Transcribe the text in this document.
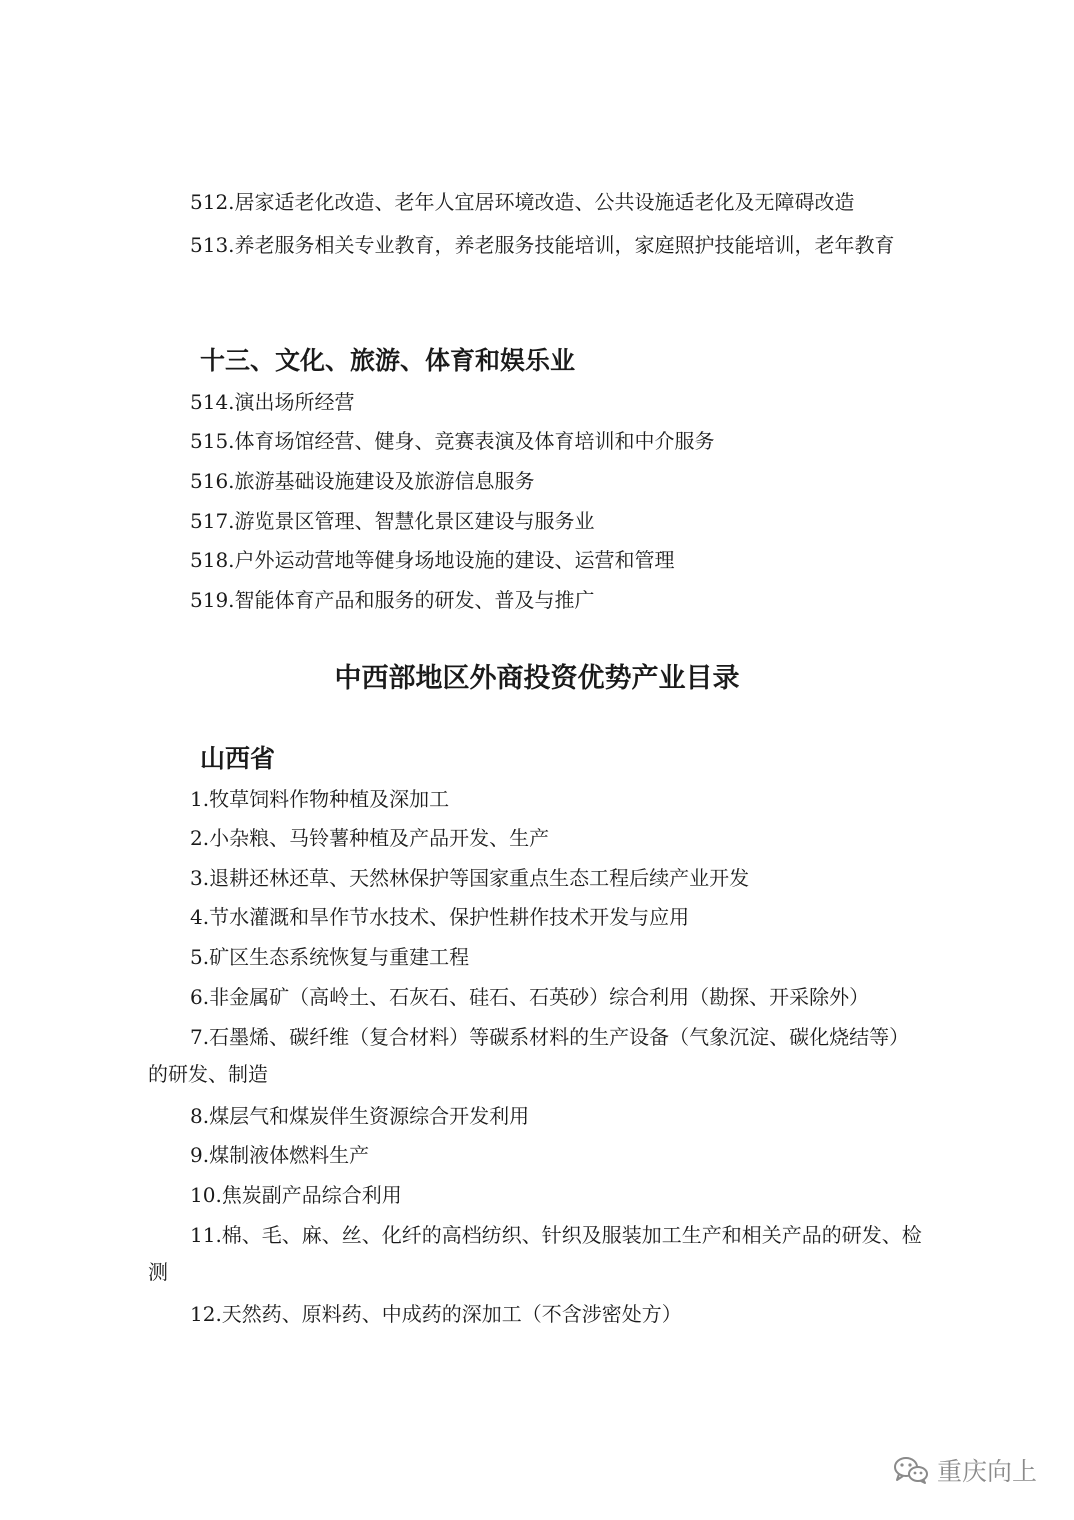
512.居家适老化改造、老年人宜居环境改造、公共设施适老化及无障碍改造

513.养老服务相关专业教育，养老服务技能培训，家庭照护技能培训，老年教育

十三、文化、旅游、体育和娱乐业

514.演出场所经营

515.体育场馆经营、健身、竞赛表演及体育培训和中介服务

516.旅游基础设施建设及旅游信息服务

517.游览景区管理、智慧化景区建设与服务业

518.户外运动营地等健身场地设施的建设、运营和管理

519.智能体育产品和服务的研发、普及与推广

中西部地区外商投资优势产业目录
山西省

1.牧草饲料作物种植及深加工

2.小杂粮、马铃薯种植及产品开发、生产

3.退耕还林还草、天然林保护等国家重点生态工程后续产业开发

4.节水灌溉和旱作节水技术、保护性耕作技术开发与应用

5.矿区生态系统恢复与重建工程

6.非金属矿（高岭土、石灰石、硅石、石英砂）综合利用（勘探、开采除外）

7.石墨烯、碳纤维（复合材料）等碳系材料的生产设备（气象沉淀、碳化烧结等）的研发、制造

8.煤层气和煤炭伴生资源综合开发利用

9.煤制液体燃料生产

10.焦炭副产品综合利用

11.棉、毛、麻、丝、化纤的高档纺织、针织及服装加工生产和相关产品的研发、检测

12.天然药、原料药、中成药的深加工（不含涉密处方）

重庆向上
